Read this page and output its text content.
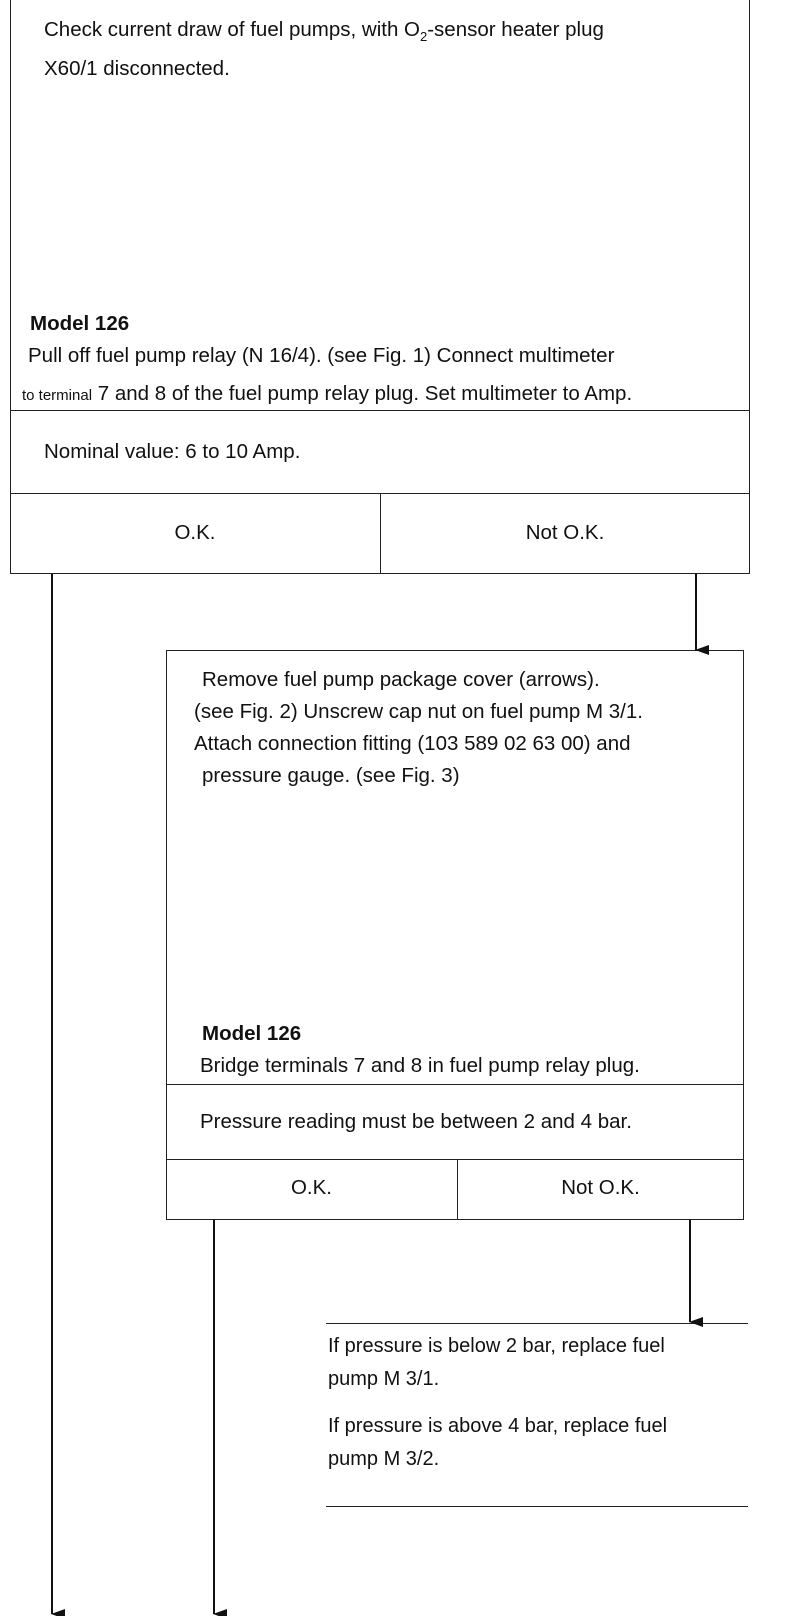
Check current draw of fuel pumps, with $O_2$-sensor heater plug
X60/1 disconnected.
Model 126
Pull off fuel pump relay (N 16/4). (see Fig. 1) Connect multimeter
to terminal 7 and 8 of the fuel pump relay plug. Set multimeter to Amp.
Nominal value: 6 to 10 Amp.
O.K.	Not O.K.
Remove fuel pump package cover (arrows).
(see Fig. 2) Unscrew cap nut on fuel pump M 3/1.
Attach connection fitting (103 589 02 63 00) and
pressure gauge. (see Fig. 3)
Model 126
Bridge terminals 7 and 8 in fuel pump relay plug.
Pressure reading must be between 2 and 4 bar.
O.K.	Not O.K.
If pressure is below 2 bar, replace fuel
pump M 3/1.

If pressure is above 4 bar, replace fuel
pump M 3/2.
